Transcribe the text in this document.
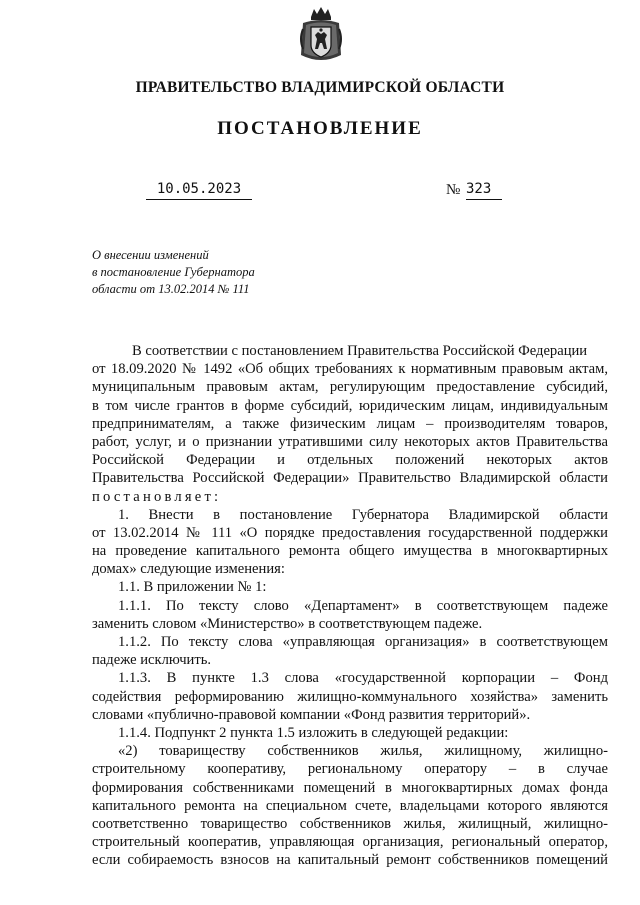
ПРАВИТЕЛЬСТВО ВЛАДИМИРСКОЙ ОБЛАСТИ
ПОСТАНОВЛЕНИЕ
10.05.2023	№ 323
О внесении изменений
в постановление Губернатора
области от 13.02.2014 № 111
В соответствии с постановлением Правительства Российской Федерации
от 18.09.2020 № 1492 «Об общих требованиях к нормативным правовым актам,
муниципальным правовым актам, регулирующим предоставление субсидий,
в том числе грантов в форме субсидий, юридическим лицам, индивидуальным
предпринимателям, а также физическим лицам – производителям товаров,
работ, услуг, и о признании утратившими силу некоторых актов Правительства
Российской Федерации и отдельных положений некоторых актов
Правительства Российской Федерации» Правительство Владимирской области
постановляет:
1. Внести в постановление Губернатора Владимирской области
от 13.02.2014 № 111 «О порядке предоставления государственной поддержки
на проведение капитального ремонта общего имущества в многоквартирных
домах» следующие изменения:
1.1. В приложении № 1:
1.1.1. По тексту слово «Департамент» в соответствующем падеже
заменить словом «Министерство» в соответствующем падеже.
1.1.2. По тексту слова «управляющая организация» в соответствующем
падеже исключить.
1.1.3. В пункте 1.3 слова «государственной корпорации – Фонд
содействия реформированию жилищно-коммунального хозяйства» заменить
словами «публично-правовой компании «Фонд развития территорий».
1.1.4. Подпункт 2 пункта 1.5 изложить в следующей редакции:
«2) товариществу собственников жилья, жилищному, жилищно-
строительному кооперативу, региональному оператору – в случае
формирования собственниками помещений в многоквартирных домах фонда
капитального ремонта на специальном счете, владельцами которого являются
соответственно товарищество собственников жилья, жилищный, жилищно-
строительный кооператив, управляющая организация, региональный оператор,
если собираемость взносов на капитальный ремонт собственников помещений
